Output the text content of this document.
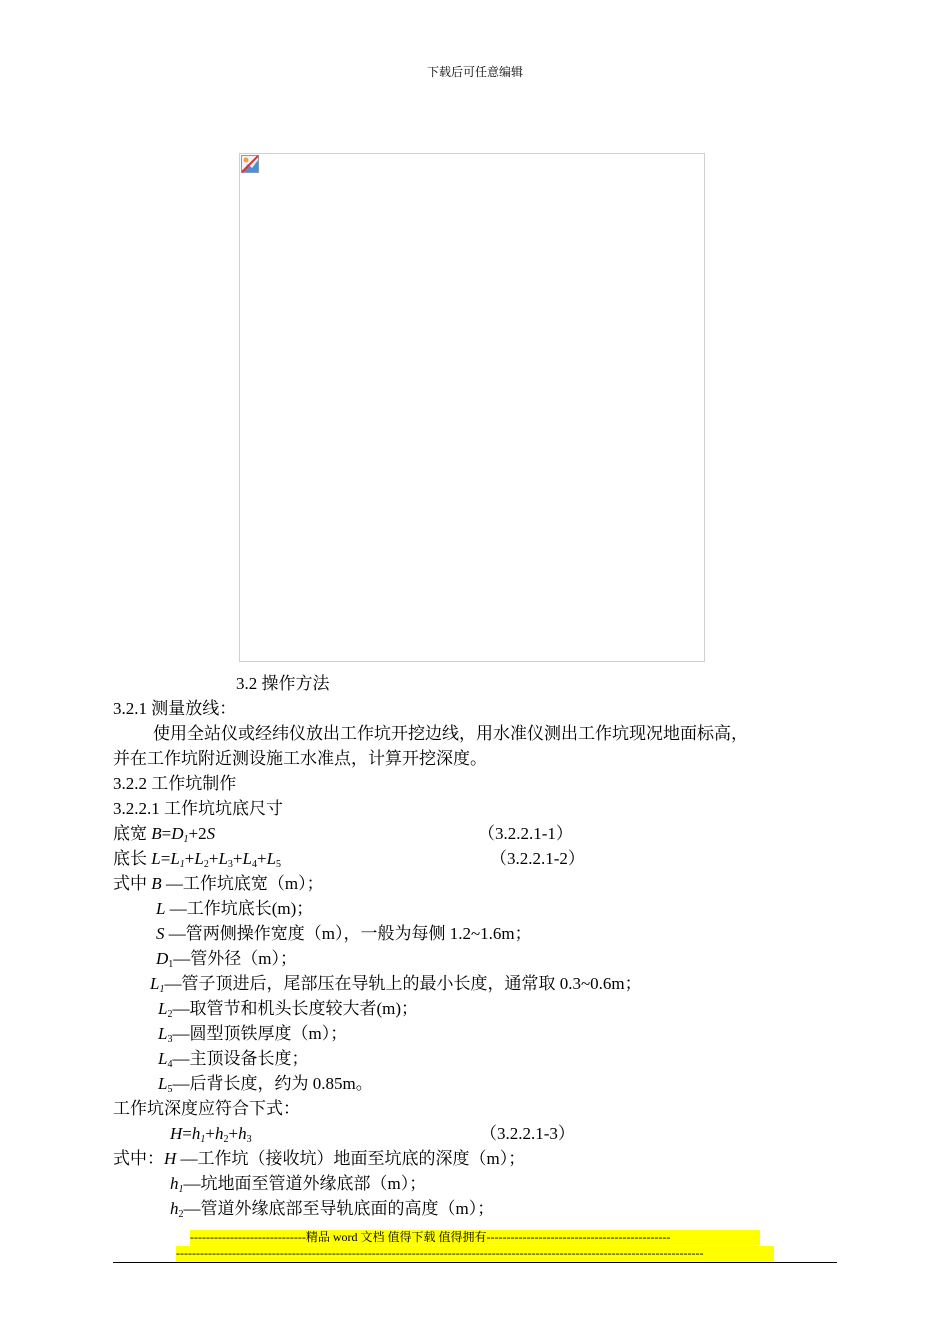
下载后可任意编辑
3.2 操作方法
3.2.1 测量放线：
使用全站仪或经纬仪放出工作坑开挖边线，用水准仪测出工作坑现况地面标高，
并在工作坑附近测设施工水准点，计算开挖深度。
3.2.2 工作坑制作
3.2.2.1 工作坑坑底尺寸
底宽 $B=D_1+2S$	（3.2.2.1-1）
底长 $L=L_1+L_2+L_3+L_4+L_5$	（3.2.2.1-2）
式中 B —工作坑底宽（m）；
L —工作坑底长(m)；
S —管两侧操作宽度（m），一般为每侧 1.2~1.6m；
$D_1—$管外径（m）；
$L_1—$管子顶进后，尾部压在导轨上的最小长度，通常取 0.3~0.6m；
$L_2—$取管节和机头长度较大者(m)；
$L_3—$圆型顶铁厚度（m）；
$L_4—$主顶设备长度；
$L_5—$后背长度，约为 0.85m。
工作坑深度应符合下式：
$H=h_1+h_2+h_3$	（3.2.2.1-3）
式中：H —工作坑（接收坑）地面至坑底的深度（m）；
$h_1—$坑地面至管道外缘底部（m）；
$h_2—$管道外缘底部至导轨底面的高度（m）；
-----------------------------精品 word 文档 值得下载 值得拥有----------------------------------------------
------------------------------------------------------------------------------------------------------------------------------------
